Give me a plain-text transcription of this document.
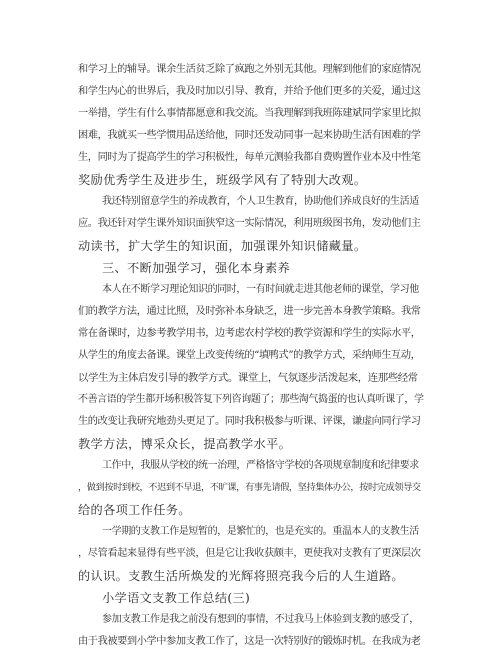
和学习上的辅导。课余生活贫乏除了疯跑之外别无其他。理解到他们的家庭情况
和学生内心的世界后，我及时加以引导、教育，并给予他们更多的关爱，通过这
一举措，学生有什么事情都愿意和我交流。当我理解到我班陈建斌同学家里比拟
困难，我就买一些学惯用品送给他，同时还发动同事一起来协助生活有困难的学
生，同时为了提高学生的学习积极性，每单元测验我都自费购置作业本及中性笔
奖励优秀学生及进步生，班级学风有了特别大改观。
我还特别留意学生的养成教育，个人卫生教育，协助他们养成良好的生活适
应。我还针对学生课外知识面狭窄这一实际情况，利用班级图书角，发动他们主
动读书，扩大学生的知识面，加强课外知识储藏量。
三、不断加强学习，强化本身素养
本人在不断学习理论知识的同时，一有时间就走进其他老师的课堂，学习他
们的教学方法，通过比照，及时弥补本身缺乏，进一步完善本身教学策略。我常
常在备课时，边参考教学用书，边考虑农村学校的教学资源和学生的实际水平，
从学生的角度去备课。课堂上改变传统的“填鸭式”的教学方式，采纳师生互动，
以学生为主体启发引导的教学方式。课堂上，气氛逐步活泼起来，连那些经常
不善言语的学生都开场积极答复下列咨询题了；那些淘气捣蛋的也认真听课了，学
生的改变让我研究地劲头更足了。同时我积极参与听课、评课，谦虚向同行学习
教学方法，博采众长，提高教学水平。
工作中，我服从学校的统一治理，严格恪守学校的各项规章制度和纪律要求
，做到按时到校，不迟到不早退，不旷课，有事先请假，坚持集体办公，按时完成领导交
给的各项工作任务。
一学期的支教工作是短暂的，是繁忙的，也是充实的。重温本人的支教生活
，尽管看起来显得有些平淡，但是它让我收获颇丰，更使我对支教有了更深层次
的认识。支教生活所焕发的光辉将照亮我今后的人生道路。
小学语文支教工作总结(三)
参加支教工作是我之前没有想到的事情，不过我马上体验到支教的感受了，
由于我被要到小学中参加支教工作了，这是一次特别好的锻炼时机。在我成为老
